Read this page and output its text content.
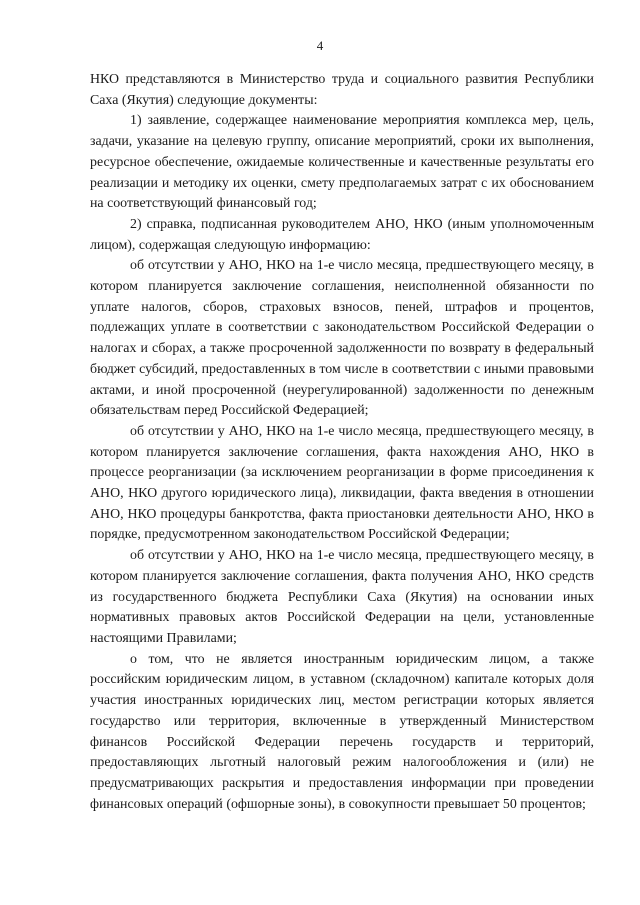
4

НКО представляются в Министерство труда и социального развития Республики Саха (Якутия) следующие документы:

1) заявление, содержащее наименование мероприятия комплекса мер, цель, задачи, указание на целевую группу, описание мероприятий, сроки их выполнения, ресурсное обеспечение, ожидаемые количественные и качественные результаты его реализации и методику их оценки, смету предполагаемых затрат с их обоснованием на соответствующий финансовый год;

2) справка, подписанная руководителем АНО, НКО (иным уполномоченным лицом), содержащая следующую информацию:

об отсутствии у АНО, НКО на 1-е число месяца, предшествующего месяцу, в котором планируется заключение соглашения, неисполненной обязанности по уплате налогов, сборов, страховых взносов, пеней, штрафов и процентов, подлежащих уплате в соответствии с законодательством Российской Федерации о налогах и сборах, а также просроченной задолженности по возврату в федеральный бюджет субсидий, предоставленных в том числе в соответствии с иными правовыми актами, и иной просроченной (неурегулированной) задолженности по денежным обязательствам перед Российской Федерацией;

об отсутствии у АНО, НКО на 1-е число месяца, предшествующего месяцу, в котором планируется заключение соглашения, факта нахождения АНО, НКО в процессе реорганизации (за исключением реорганизации в форме присоединения к АНО, НКО другого юридического лица), ликвидации, факта введения в отношении АНО, НКО процедуры банкротства, факта приостановки деятельности АНО, НКО в порядке, предусмотренном законодательством Российской Федерации;

об отсутствии у АНО, НКО на 1-е число месяца, предшествующего месяцу, в котором планируется заключение соглашения, факта получения АНО, НКО средств из государственного бюджета Республики Саха (Якутия) на основании иных нормативных правовых актов Российской Федерации на цели, установленные настоящими Правилами;

о том, что не является иностранным юридическим лицом, а также российским юридическим лицом, в уставном (складочном) капитале которых доля участия иностранных юридических лиц, местом регистрации которых является государство или территория, включенные в утвержденный Министерством финансов Российской Федерации перечень государств и территорий, предоставляющих льготный налоговый режим налогообложения и (или) не предусматривающих раскрытия и предоставления информации при проведении финансовых операций (офшорные зоны), в совокупности превышает 50 процентов;
